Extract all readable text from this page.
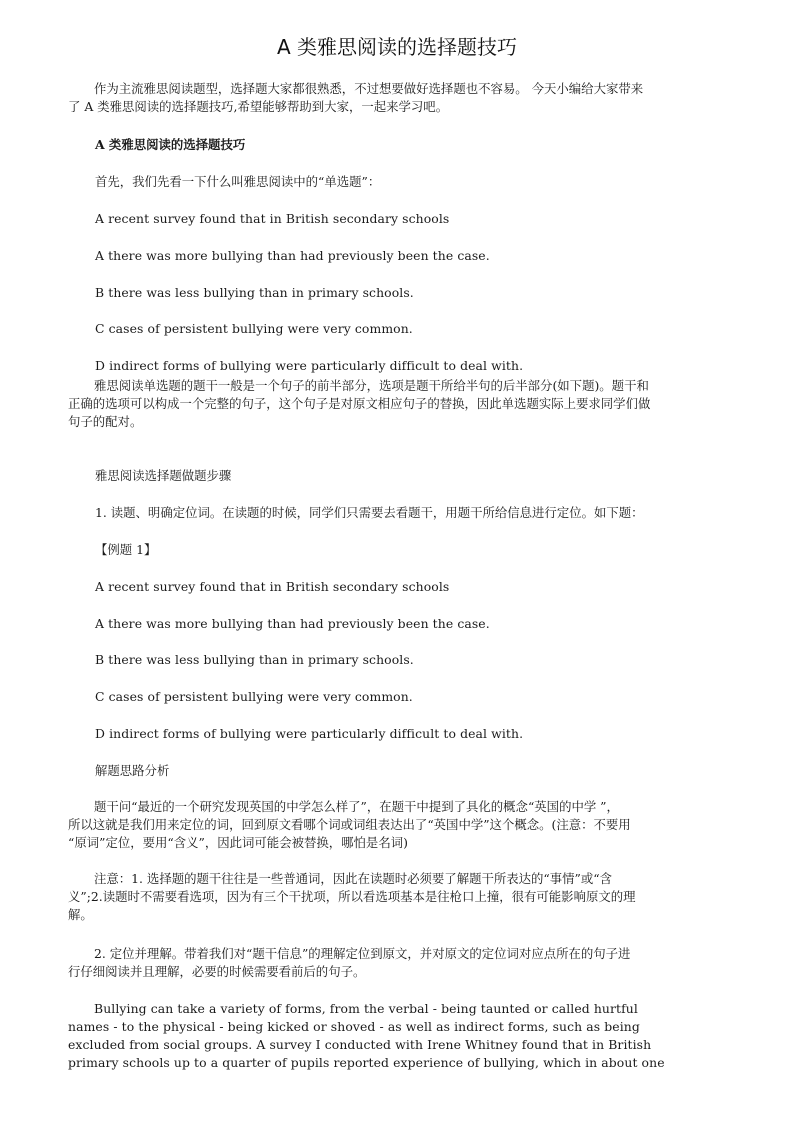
A 类雅思阅读的选择题技巧

作为主流雅思阅读题型，选择题大家都很熟悉，不过想要做好选择题也不容易。 今天小编给大家带来
了 A 类雅思阅读的选择题技巧,希望能够帮助到大家，一起来学习吧。

A 类雅思阅读的选择题技巧
首先，我们先看一下什么叫雅思阅读中的“单选题”：
A recent survey found that in British secondary schools
A there was more bullying than had previously been the case.
B there was less bullying than in primary schools.
C cases of persistent bullying were very common.
D indirect forms of bullying were particularly difficult to deal with.

雅思阅读单选题的题干一般是一个句子的前半部分，选项是题干所给半句的后半部分(如下题)。题干和
正确的选项可以构成一个完整的句子，这个句子是对原文相应句子的替换，因此单选题实际上要求同学们做
句子的配对。

雅思阅读选择题做题步骤
1. 读题、明确定位词。在读题的时候，同学们只需要去看题干，用题干所给信息进行定位。如下题：
【例题 1】
A recent survey found that in British secondary schools
A there was more bullying than had previously been the case.
B there was less bullying than in primary schools.
C cases of persistent bullying were very common.
D indirect forms of bullying were particularly difficult to deal with.
解题思路分析

题干问“最近的一个研究发现英国的中学怎么样了”，在题干中提到了具化的概念“英国的中学 ”，
所以这就是我们用来定位的词，回到原文看哪个词或词组表达出了“英国中学”这个概念。(注意：不要用
“原词”定位，要用“含义”，因此词可能会被替换，哪怕是名词)

注意：1. 选择题的题干往往是一些普通词，因此在读题时必须要了解题干所表达的“事情”或“含
义”;2.读题时不需要看选项，因为有三个干扰项，所以看选项基本是往枪口上撞，很有可能影响原文的理
解。

2. 定位并理解。带着我们对“题干信息”的理解定位到原文，并对原文的定位词对应点所在的句子进
行仔细阅读并且理解，必要的时候需要看前后的句子。

Bullying can take a variety of forms, from the verbal - being taunted or called hurtful
names - to the physical - being kicked or shoved - as well as indirect forms, such as being
excluded from social groups. A survey I conducted with Irene Whitney found that in British
primary schools up to a quarter of pupils reported experience of bullying, which in about one
